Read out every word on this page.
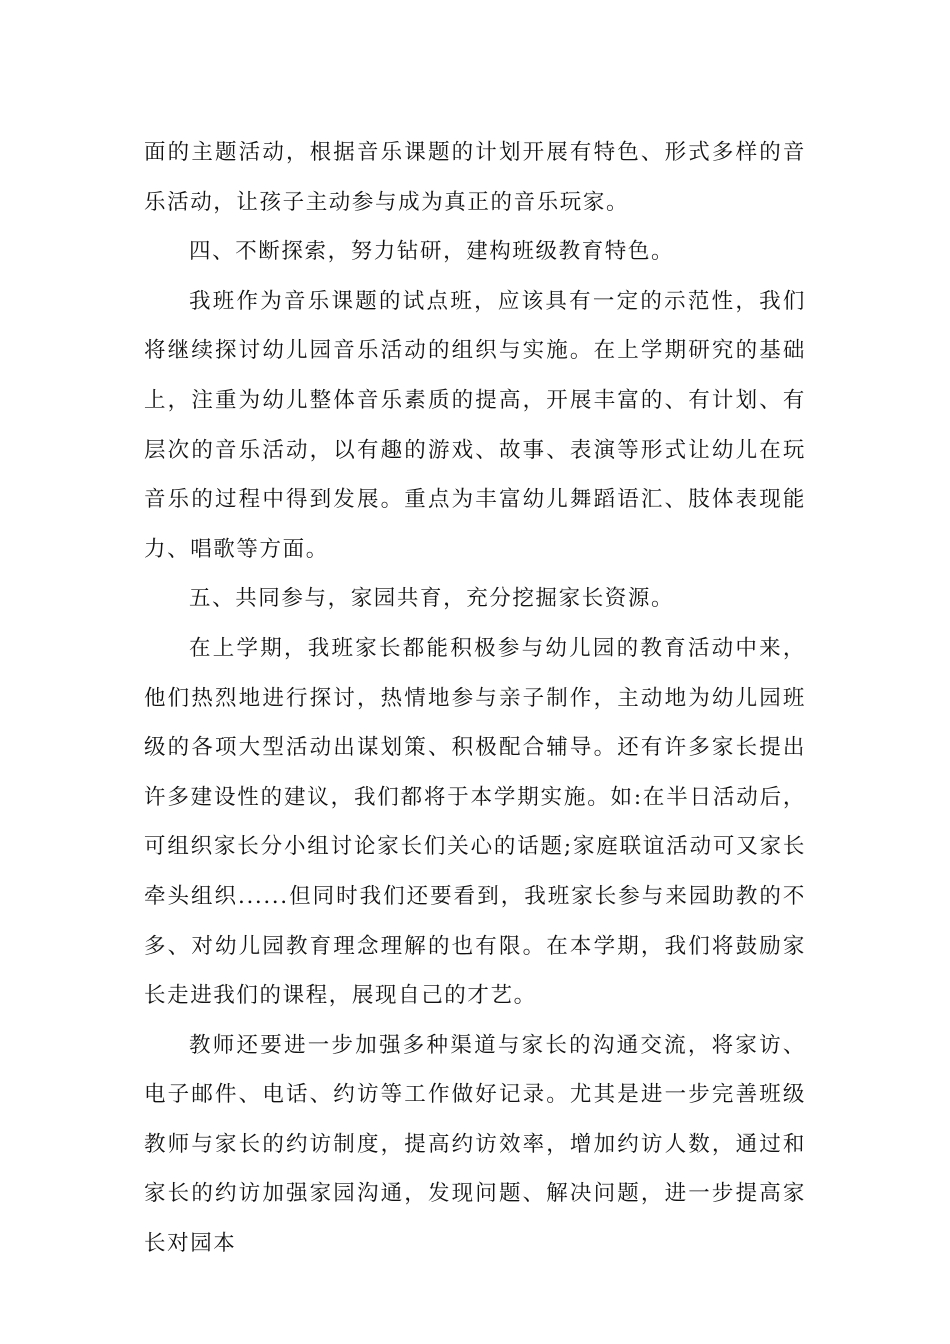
面的主题活动，根据音乐课题的计划开展有特色、形式多样的音乐活动，让孩子主动参与成为真正的音乐玩家。

四、不断探索，努力钻研，建构班级教育特色。

我班作为音乐课题的试点班，应该具有一定的示范性，我们将继续探讨幼儿园音乐活动的组织与实施。在上学期研究的基础上，注重为幼儿整体音乐素质的提高，开展丰富的、有计划、有层次的音乐活动，以有趣的游戏、故事、表演等形式让幼儿在玩音乐的过程中得到发展。重点为丰富幼儿舞蹈语汇、肢体表现能力、唱歌等方面。

五、共同参与，家园共育，充分挖掘家长资源。

在上学期，我班家长都能积极参与幼儿园的教育活动中来，他们热烈地进行探讨，热情地参与亲子制作，主动地为幼儿园班级的各项大型活动出谋划策、积极配合辅导。还有许多家长提出许多建设性的建议，我们都将于本学期实施。如:在半日活动后，可组织家长分小组讨论家长们关心的话题;家庭联谊活动可又家长牵头组织......但同时我们还要看到，我班家长参与来园助教的不多、对幼儿园教育理念理解的也有限。在本学期，我们将鼓励家长走进我们的课程，展现自己的才艺。

教师还要进一步加强多种渠道与家长的沟通交流，将家访、电子邮件、电话、约访等工作做好记录。尤其是进一步完善班级教师与家长的约访制度，提高约访效率，增加约访人数，通过和家长的约访加强家园沟通，发现问题、解决问题，进一步提高家长对园本
